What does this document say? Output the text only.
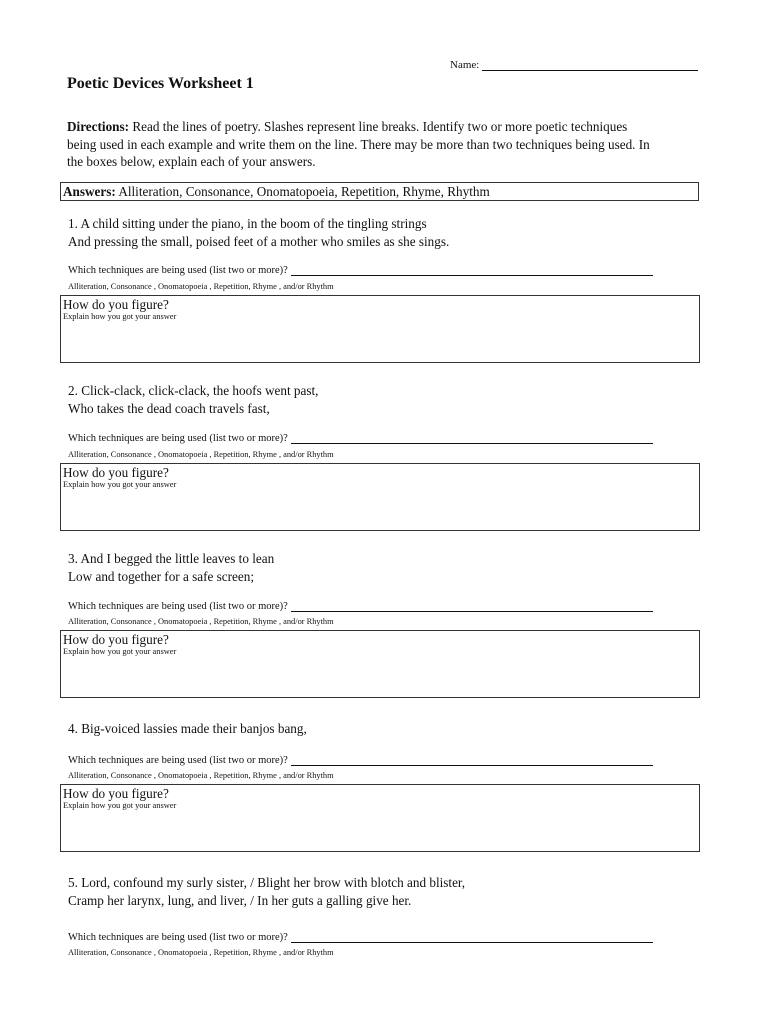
Name:
Poetic Devices Worksheet 1
Directions: Read the lines of poetry. Slashes represent line breaks. Identify two or more poetic techniques being used in each example and write them on the line. There may be more than two techniques being used. In the boxes below, explain each of your answers.
Answers: Alliteration, Consonance, Onomatopoeia, Repetition, Rhyme, Rhythm
1. A child sitting under the piano, in the boom of the tingling strings
And pressing the small, poised feet of a mother who smiles as she sings.
Which techniques are being used (list two or more)?
Alliteration, Consonance , Onomatopoeia , Repetition, Rhyme , and/or Rhythm
How do you figure?
Explain how you got your answer
2. Click-clack, click-clack, the hoofs went past,
Who takes the dead coach travels fast,
Which techniques are being used (list two or more)?
Alliteration, Consonance , Onomatopoeia , Repetition, Rhyme , and/or Rhythm
How do you figure?
Explain how you got your answer
3. And I begged the little leaves to lean
Low and together for a safe screen;
Which techniques are being used (list two or more)?
Alliteration, Consonance , Onomatopoeia , Repetition, Rhyme , and/or Rhythm
How do you figure?
Explain how you got your answer
4. Big-voiced lassies made their banjos bang,
Which techniques are being used (list two or more)?
Alliteration, Consonance , Onomatopoeia , Repetition, Rhyme , and/or Rhythm
How do you figure?
Explain how you got your answer
5. Lord, confound my surly sister, / Blight her brow with blotch and blister,
Cramp her larynx, lung, and liver, / In her guts a galling give her.
Which techniques are being used (list two or more)?
Alliteration, Consonance , Onomatopoeia , Repetition, Rhyme , and/or Rhythm
